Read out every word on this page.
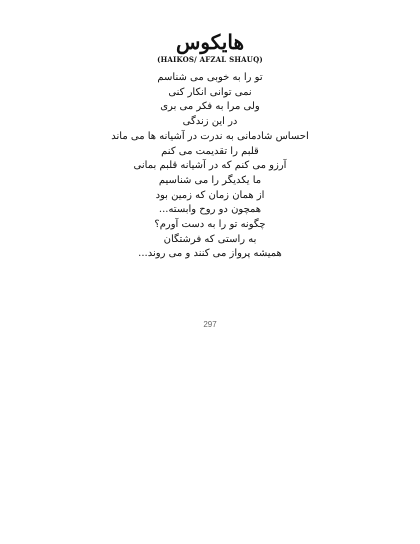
هایکوس
(HAIKOS/ AFZAL SHAUQ)
تو را به خوبی می شناسم
نمی توانی انکار کنی
ولی مرا به فکر می بری
در این زندگی
احساس شادمانی به ندرت در آشیانه ها می ماند
قلبم را تقدیمت می کنم
آرزو می کنم که در آشیانه قلبم بمانی
ما یکدیگر را می شناسیم
از همان زمان که زمین بود
همچون دو روح وابسته...
چگونه تو را به دست آورم؟
به راستی که فرشتگان
همیشه پرواز می کنند و می روند...
297
